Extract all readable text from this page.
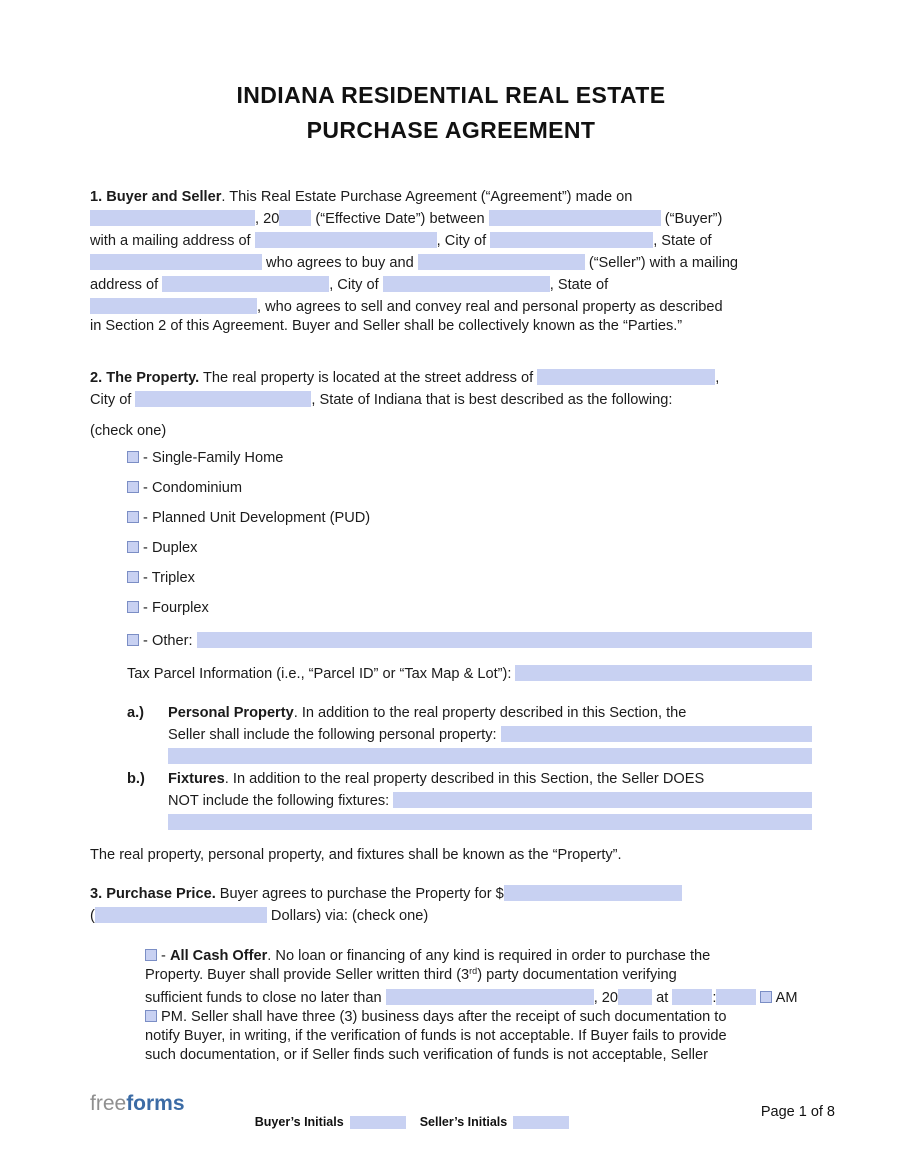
INDIANA RESIDENTIAL REAL ESTATE
PURCHASE AGREEMENT
1. Buyer and Seller . This Real Estate Purchase Agreement (“Agreement”) made on
, 20 (“Effective Date”) between	(“Buyer”)
with a mailing address of	, City of	, State of
who agrees to buy and	(“Seller”) with a mailing
address of	, City of	, State of
, who agrees to sell and convey real and personal property as described
in Section 2 of this Agreement. Buyer and Seller shall be collectively known as the “Parties.”
2. The Property. The real property is located at the street address of	,
City of	, State of Indiana that is best described as the following:
(check one)
- Single-Family Home
- Condominium
- Planned Unit Development (PUD)
- Duplex
- Triplex
- Fourplex
- Other:
Tax Parcel Information (i.e., “Parcel ID” or “Tax Map & Lot”):
a.)	Personal Property . In addition to the real property described in this Section, the
Seller shall include the following personal property:
b.)	Fixtures . In addition to the real property described in this Section, the Seller DOES
NOT include the following fixtures:
The real property, personal property, and fixtures shall be known as the “Property”.
3. Purchase Price. Buyer agrees to purchase the Property for $
(	Dollars) via: (check one)
- All Cash Offer . No loan or financing of any kind is required in order to purchase the
Property. Buyer shall provide Seller written third (3 rd ) party documentation verifying
sufficient funds to close no later than	, 20 at	:
	AM
PM. Seller shall have three (3) business days after the receipt of such documentation to
notify Buyer, in writing, if the verification of funds is not acceptable. If Buyer fails to provide
such documentation, or if Seller finds such verification of funds is not acceptable, Seller
freeforms
Buyer’s Initials	Seller’s Initials
Page 1 of 8
